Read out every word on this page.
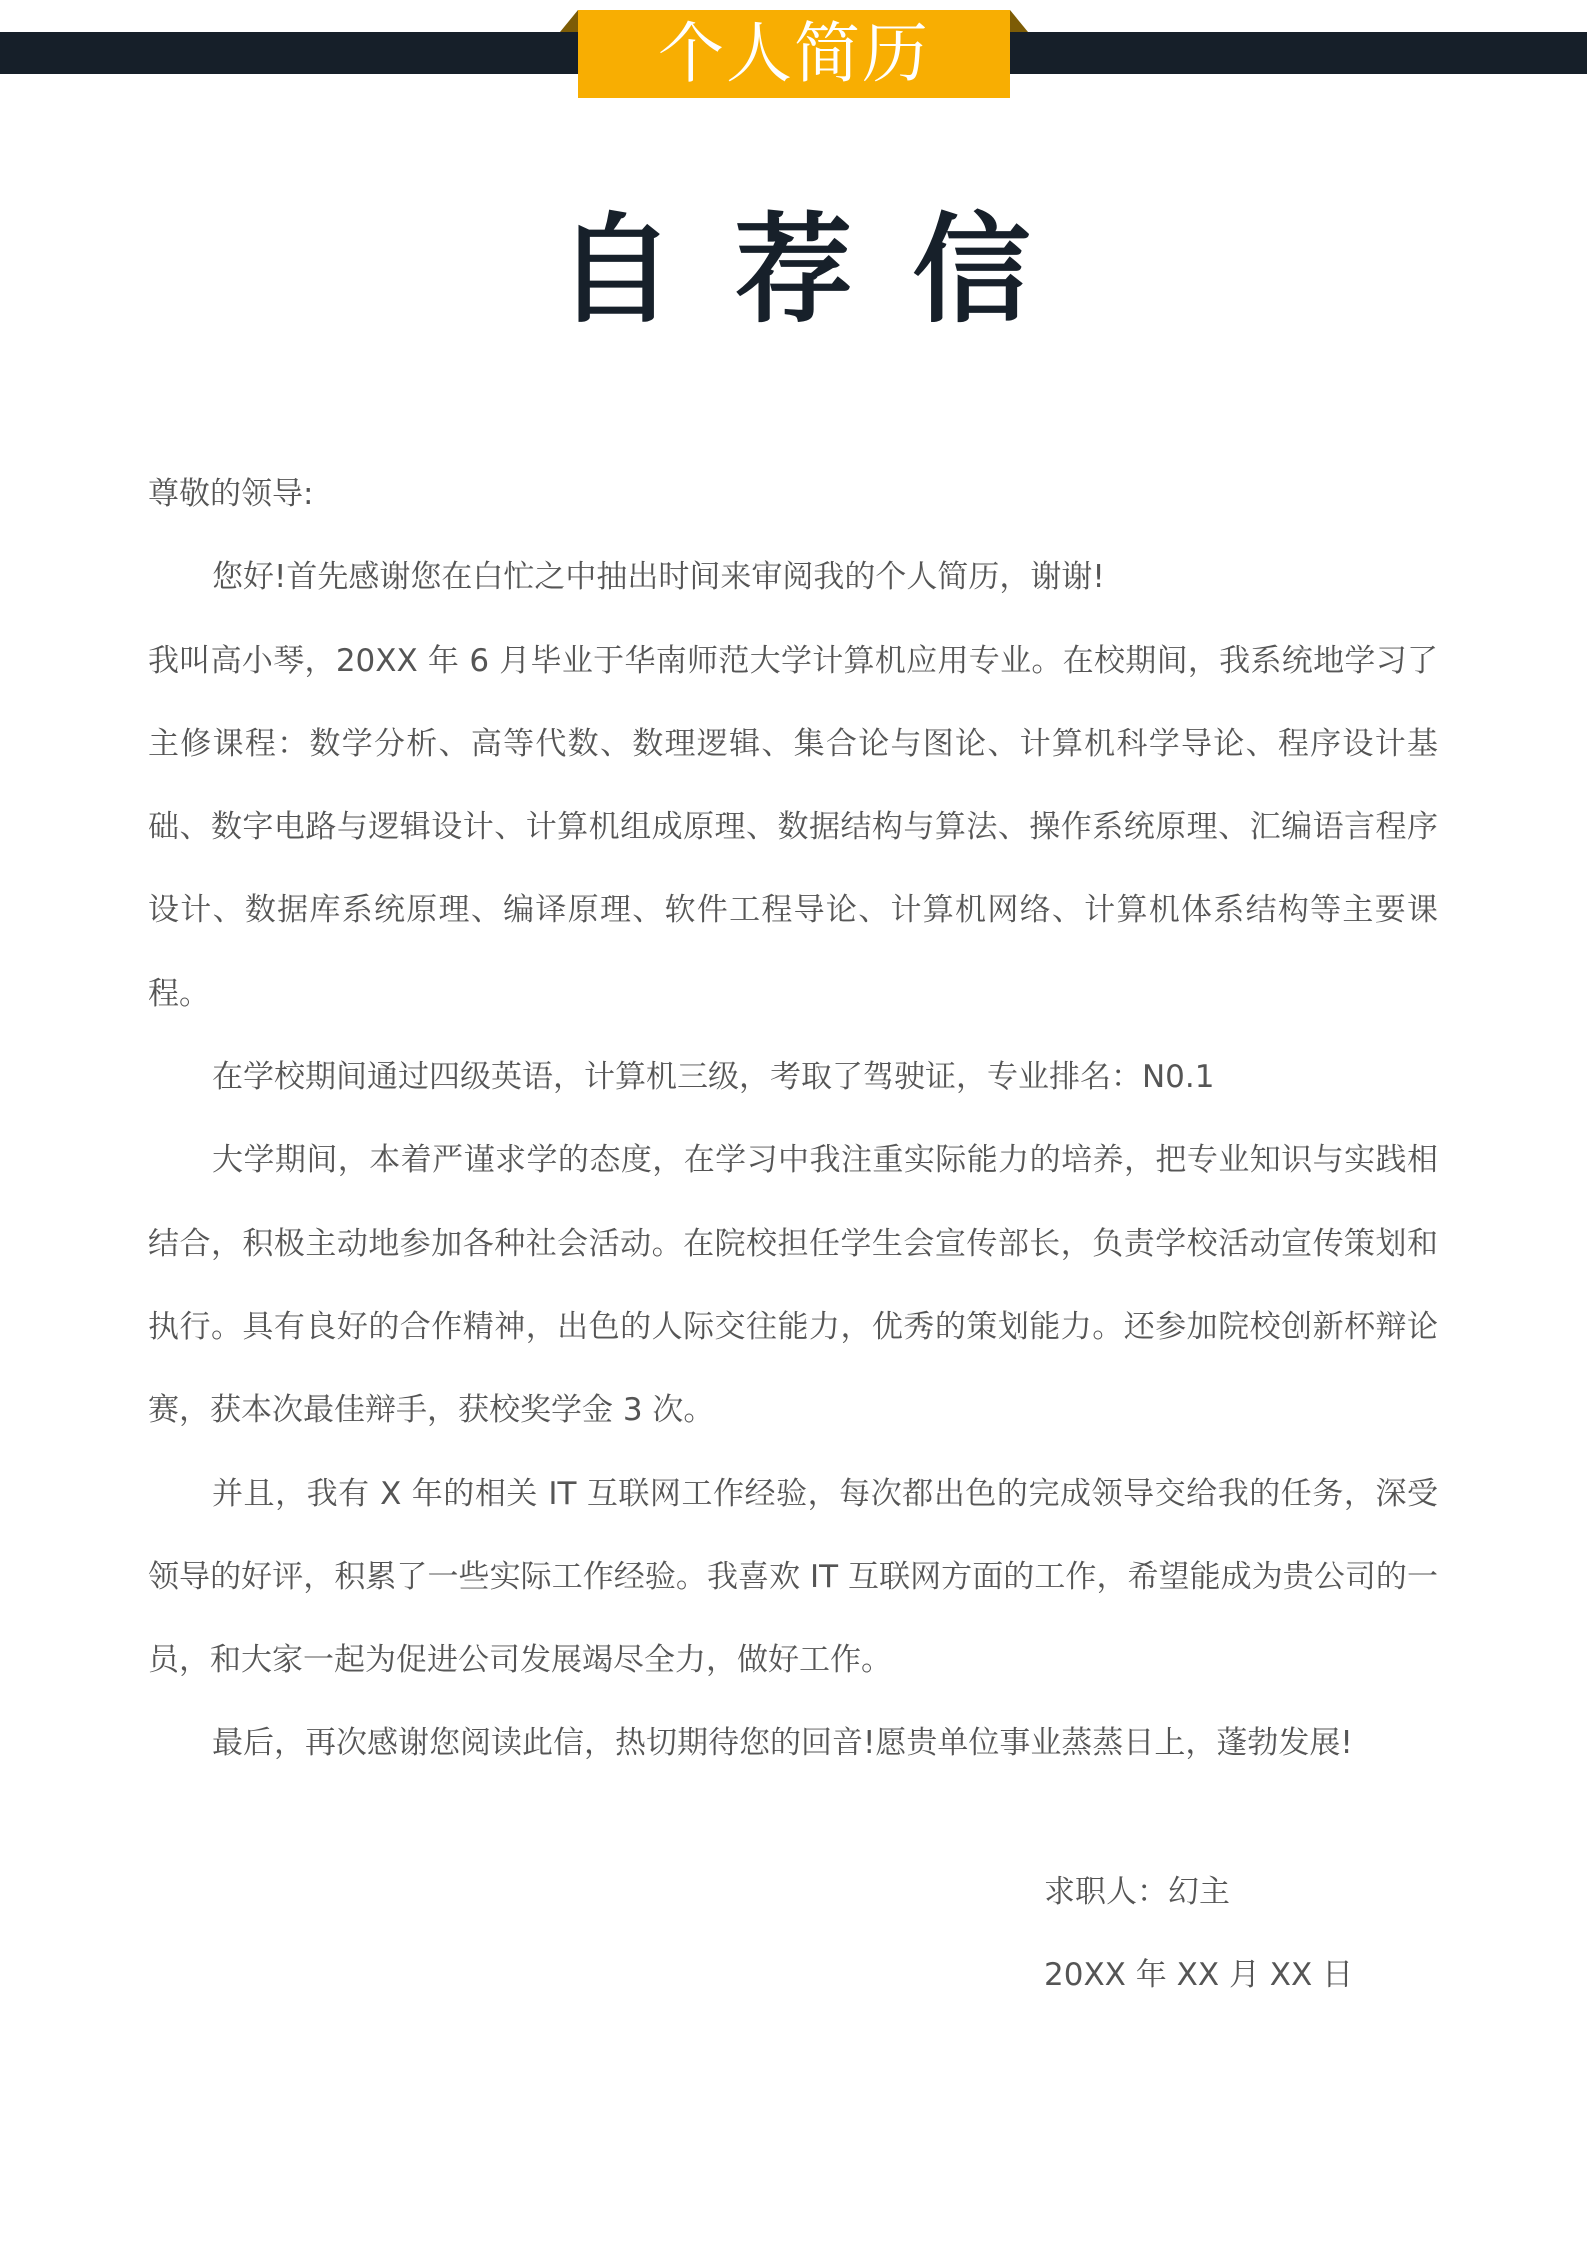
个人简历
自荐信

尊敬的领导:

您好!首先感谢您在白忙之中抽出时间来审阅我的个人简历，谢谢!

我叫高小琴，20XX 年 6 月毕业于华南师范大学计算机应用专业。在校期间，我系统地学习了主修课程：数学分析、高等代数、数理逻辑、集合论与图论、计算机科学导论、程序设计基础、数字电路与逻辑设计、计算机组成原理、数据结构与算法、操作系统原理、汇编语言程序设计、数据库系统原理、编译原理、软件工程导论、计算机网络、计算机体系结构等主要课程。

在学校期间通过四级英语，计算机三级，考取了驾驶证，专业排名：N0.1

大学期间，本着严谨求学的态度，在学习中我注重实际能力的培养，把专业知识与实践相结合，积极主动地参加各种社会活动。在院校担任学生会宣传部长，负责学校活动宣传策划和执行。具有良好的合作精神，出色的人际交往能力，优秀的策划能力。还参加院校创新杯辩论赛，获本次最佳辩手，获校奖学金 3 次。

并且，我有 X 年的相关 IT 互联网工作经验，每次都出色的完成领导交给我的任务，深受领导的好评，积累了一些实际工作经验。我喜欢 IT 互联网方面的工作，希望能成为贵公司的一员，和大家一起为促进公司发展竭尽全力，做好工作。

最后，再次感谢您阅读此信，热切期待您的回音!愿贵单位事业蒸蒸日上，蓬勃发展!

求职人：幻主
20XX 年 XX 月 XX 日
